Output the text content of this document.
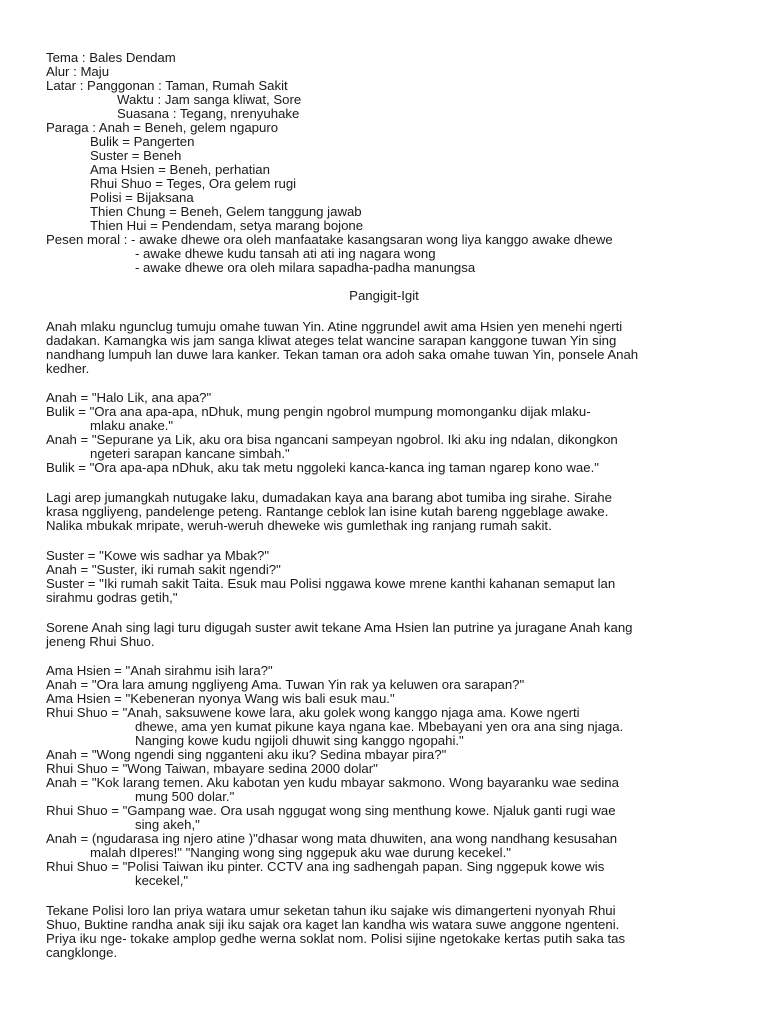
Tema : Bales Dendam
Alur : Maju
Latar : Panggonan : Taman, Rumah Sakit
Waktu : Jam sanga kliwat, Sore
Suasana : Tegang, nrenyuhake
Paraga : Anah = Beneh, gelem ngapuro
Bulik = Pangerten
Suster = Beneh
Ama Hsien = Beneh, perhatian
Rhui Shuo = Teges, Ora gelem rugi
Polisi = Bijaksana
Thien Chung = Beneh, Gelem tanggung jawab
Thien Hui = Pendendam, setya marang bojone
Pesen moral : - awake dhewe ora oleh manfaatake kasangsaran wong liya kanggo awake dhewe
- awake dhewe kudu tansah ati ati ing nagara wong
- awake dhewe ora oleh milara sapadha-padha manungsa
Pangigit-Igit
Anah mlaku ngunclug tumuju omahe tuwan Yin. Atine nggrundel awit ama Hsien yen menehi ngerti
dadakan. Kamangka wis jam sanga kliwat ateges telat wancine sarapan kanggone tuwan Yin sing
nandhang lumpuh lan duwe lara kanker. Tekan taman ora adoh saka omahe tuwan Yin, ponsele Anah
kedher.
Anah = "Halo Lik, ana apa?"
Bulik = "Ora ana apa-apa, nDhuk, mung pengin ngobrol mumpung momonganku dijak mlaku-
mlaku anake."
Anah = "Sepurane ya Lik, aku ora bisa ngancani sampeyan ngobrol. Iki aku ing ndalan, dikongkon
ngeteri sarapan kancane simbah."
Bulik = "Ora apa-apa nDhuk, aku tak metu nggoleki kanca-kanca ing taman ngarep kono wae."
Lagi arep jumangkah nutugake laku, dumadakan kaya ana barang abot tumiba ing sirahe. Sirahe
krasa nggliyeng, pandelenge peteng. Rantange ceblok lan isine kutah bareng nggeblage awake.
Nalika mbukak mripate, weruh-weruh dheweke wis gumlethak ing ranjang rumah sakit.
Suster = "Kowe wis sadhar ya Mbak?"
Anah = "Suster, iki rumah sakit ngendi?"
Suster = "Iki rumah sakit Taita. Esuk mau Polisi nggawa kowe mrene kanthi kahanan semaput lan
sirahmu godras getih,"
Sorene Anah sing lagi turu digugah suster awit tekane Ama Hsien lan putrine ya juragane Anah kang
jeneng Rhui Shuo.
Ama Hsien = "Anah sirahmu isih lara?"
Anah = "Ora lara amung nggliyeng Ama. Tuwan Yin rak ya keluwen ora sarapan?"
Ama Hsien = "Kebeneran nyonya Wang wis bali esuk mau."
Rhui Shuo = "Anah, saksuwene kowe lara, aku golek wong kanggo njaga ama. Kowe ngerti
dhewe, ama yen kumat pikune kaya ngana kae. Mbebayani yen ora ana sing njaga.
Nanging kowe kudu ngijoli dhuwit sing kanggo ngopahi."
Anah = "Wong ngendi sing ngganteni aku iku? Sedina mbayar pira?"
Rhui Shuo = "Wong Taiwan, mbayare sedina 2000 dolar"
Anah = "Kok larang temen. Aku kabotan yen kudu mbayar sakmono. Wong bayaranku wae sedina
mung 500 dolar."
Rhui Shuo = "Gampang wae. Ora usah nggugat wong sing menthung kowe. Njaluk ganti rugi wae
sing akeh,"
Anah = (ngudarasa ing njero atine )"dhasar wong mata dhuwiten, ana wong nandhang kesusahan
malah dIperes!" "Nanging wong sing nggepuk aku wae durung kecekel."
Rhui Shuo = "Polisi Taiwan iku pinter. CCTV ana ing sadhengah papan. Sing nggepuk kowe wis
kecekel,"
Tekane Polisi loro lan priya watara umur seketan tahun iku sajake wis dimangerteni nyonyah Rhui
Shuo, Buktine randha anak siji iku sajak ora kaget lan kandha wis watara suwe anggone ngenteni.
Priya iku nge- tokake amplop gedhe werna soklat nom. Polisi sijine ngetokake kertas putih saka tas
cangklonge.
